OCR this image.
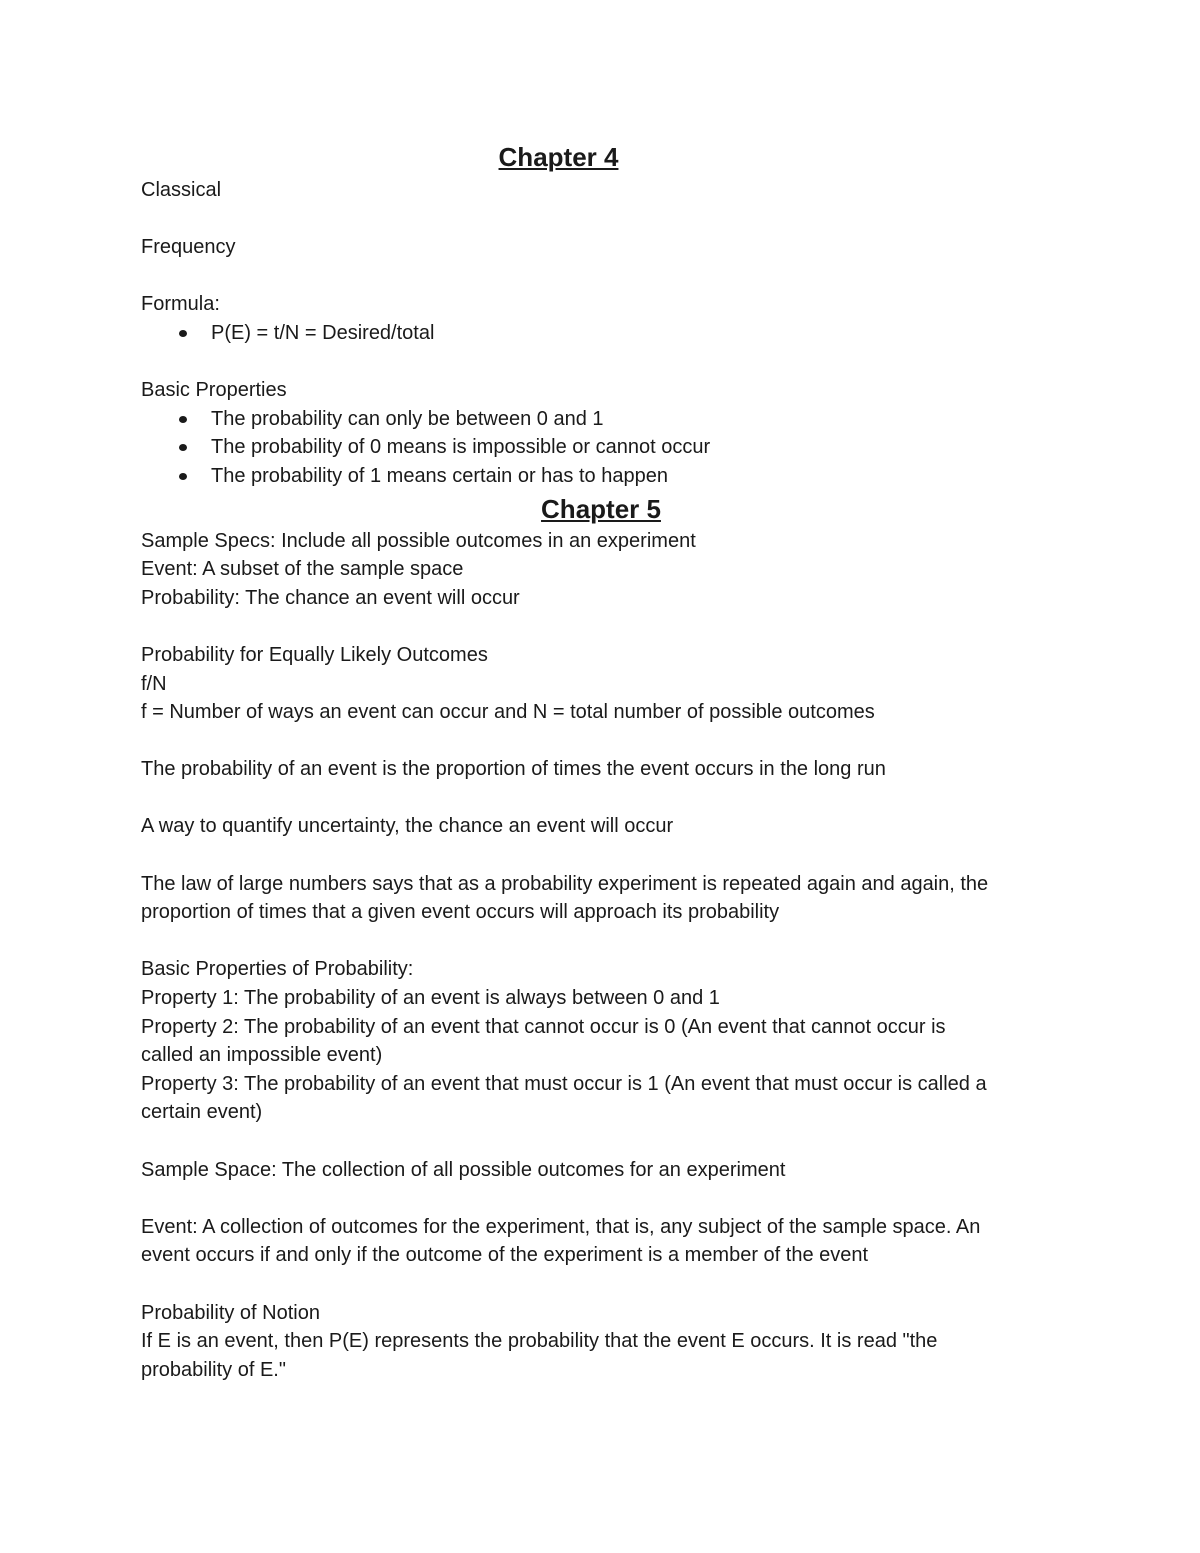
Chapter 4

Classical

Frequency

Formula:

P(E) = t/N = Desired/total

Basic Properties

The probability can only be between 0 and 1
The probability of 0 means is impossible or cannot occur
The probability of 1 means certain or has to happen
Chapter 5

Sample Specs: Include all possible outcomes in an experiment

Event: A subset of the sample space

Probability: The chance an event will occur

Probability for Equally Likely Outcomes

f/N

f = Number of ways an event can occur and N = total number of possible outcomes

The probability of an event is the proportion of times the event occurs in the long run

A way to quantify uncertainty, the chance an event will occur

The law of large numbers says that as a probability experiment is repeated again and again, the

proportion of times that a given event occurs will approach its probability

Basic Properties of Probability:

Property 1: The probability of an event is always between 0 and 1

Property 2: The probability of an event that cannot occur is 0 (An event that cannot occur is

called an impossible event)

Property 3: The probability of an event that must occur is 1 (An event that must occur is called a

certain event)

Sample Space: The collection of all possible outcomes for an experiment

Event: A collection of outcomes for the experiment, that is, any subject of the sample space. An

event occurs if and only if the outcome of the experiment is a member of the event

Probability of Notion

If E is an event, then P(E) represents the probability that the event E occurs. It is read "the

probability of E."
